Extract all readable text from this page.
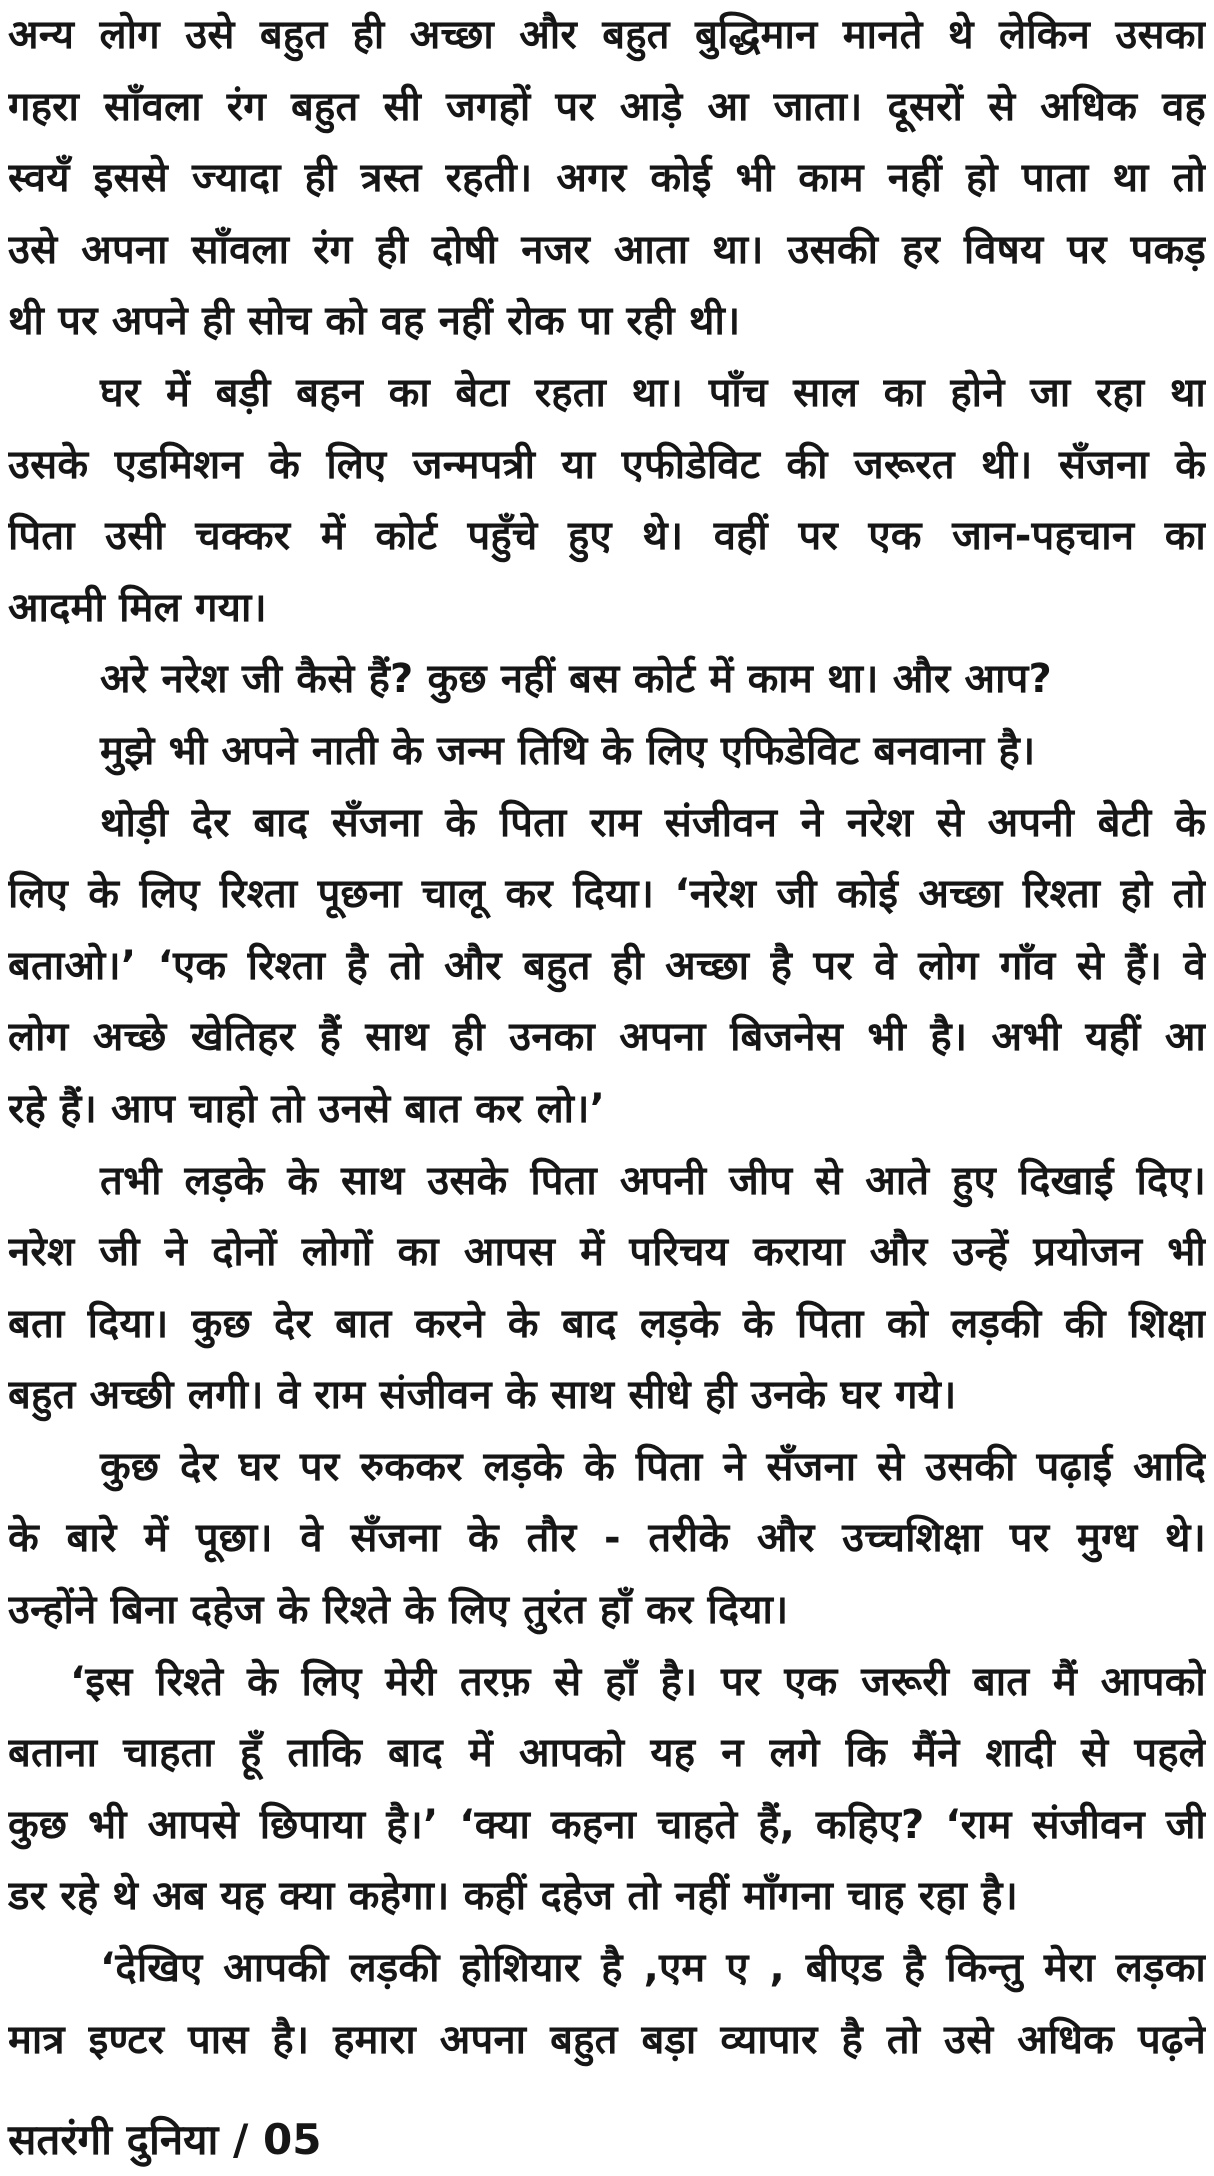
अन्य लोग उसे बहुत ही अच्छा और बहुत बुद्धिमान मानते थे लेकिन उसका
गहरा साँवला रंग बहुत सी जगहों पर आड़े आ जाता। दूसरों से अधिक वह
स्वयँ इससे ज्यादा ही त्रस्त रहती। अगर कोई भी काम नहीं हो पाता था तो
उसे अपना साँवला रंग ही दोषी नजर आता था। उसकी हर विषय पर पकड़
थी पर अपने ही सोच को वह नहीं रोक पा रही थी।
घर में बड़ी बहन का बेटा रहता था। पाँच साल का होने जा रहा था
उसके एडमिशन के लिए जन्मपत्री या एफीडेविट की जरूरत थी। सँजना के
पिता उसी चक्कर में कोर्ट पहुँचे हुए थे। वहीं पर एक जान-पहचान का
आदमी मिल गया।
अरे नरेश जी कैसे हैं? कुछ नहीं बस कोर्ट में काम था। और आप?
मुझे भी अपने नाती के जन्म तिथि के लिए एफिडेविट बनवाना है।
थोड़ी देर बाद सँजना के पिता राम संजीवन ने नरेश से अपनी बेटी के
लिए के लिए रिश्ता पूछना चालू कर दिया। ‘नरेश जी कोई अच्छा रिश्ता हो तो
बताओ।’ ‘एक रिश्ता है तो और बहुत ही अच्छा है पर वे लोग गाँव से हैं। वे
लोग अच्छे खेतिहर हैं साथ ही उनका अपना बिजनेस भी है। अभी यहीं आ
रहे हैं। आप चाहो तो उनसे बात कर लो।’
तभी लड़के के साथ उसके पिता अपनी जीप से आते हुए दिखाई दिए।
नरेश जी ने दोनों लोगों का आपस में परिचय कराया और उन्हें प्रयोजन भी
बता दिया। कुछ देर बात करने के बाद लड़के के पिता को लड़की की शिक्षा
बहुत अच्छी लगी। वे राम संजीवन के साथ सीधे ही उनके घर गये।
कुछ देर घर पर रुककर लड़के के पिता ने सँजना से उसकी पढ़ाई आदि
के बारे में पूछा। वे सँजना के तौर - तरीके और उच्चशिक्षा पर मुग्ध थे।
उन्होंने बिना दहेज के रिश्ते के लिए तुरंत हाँ कर दिया।
‘इस रिश्ते के लिए मेरी तरफ़ से हाँ है। पर एक जरूरी बात मैं आपको
बताना चाहता हूँ ताकि बाद में आपको यह न लगे कि मैंने शादी से पहले
कुछ भी आपसे छिपाया है।’ ‘क्या कहना चाहते हैं, कहिए? ‘राम संजीवन जी
डर रहे थे अब यह क्या कहेगा। कहीं दहेज तो नहीं माँगना चाह रहा है।
‘देखिए आपकी लड़की होशियार है ,एम ए , बीएड है किन्तु मेरा लड़का
मात्र इण्टर पास है। हमारा अपना बहुत बड़ा व्यापार है तो उसे अधिक पढ़ने
सतरंगी दुनिया / 05
